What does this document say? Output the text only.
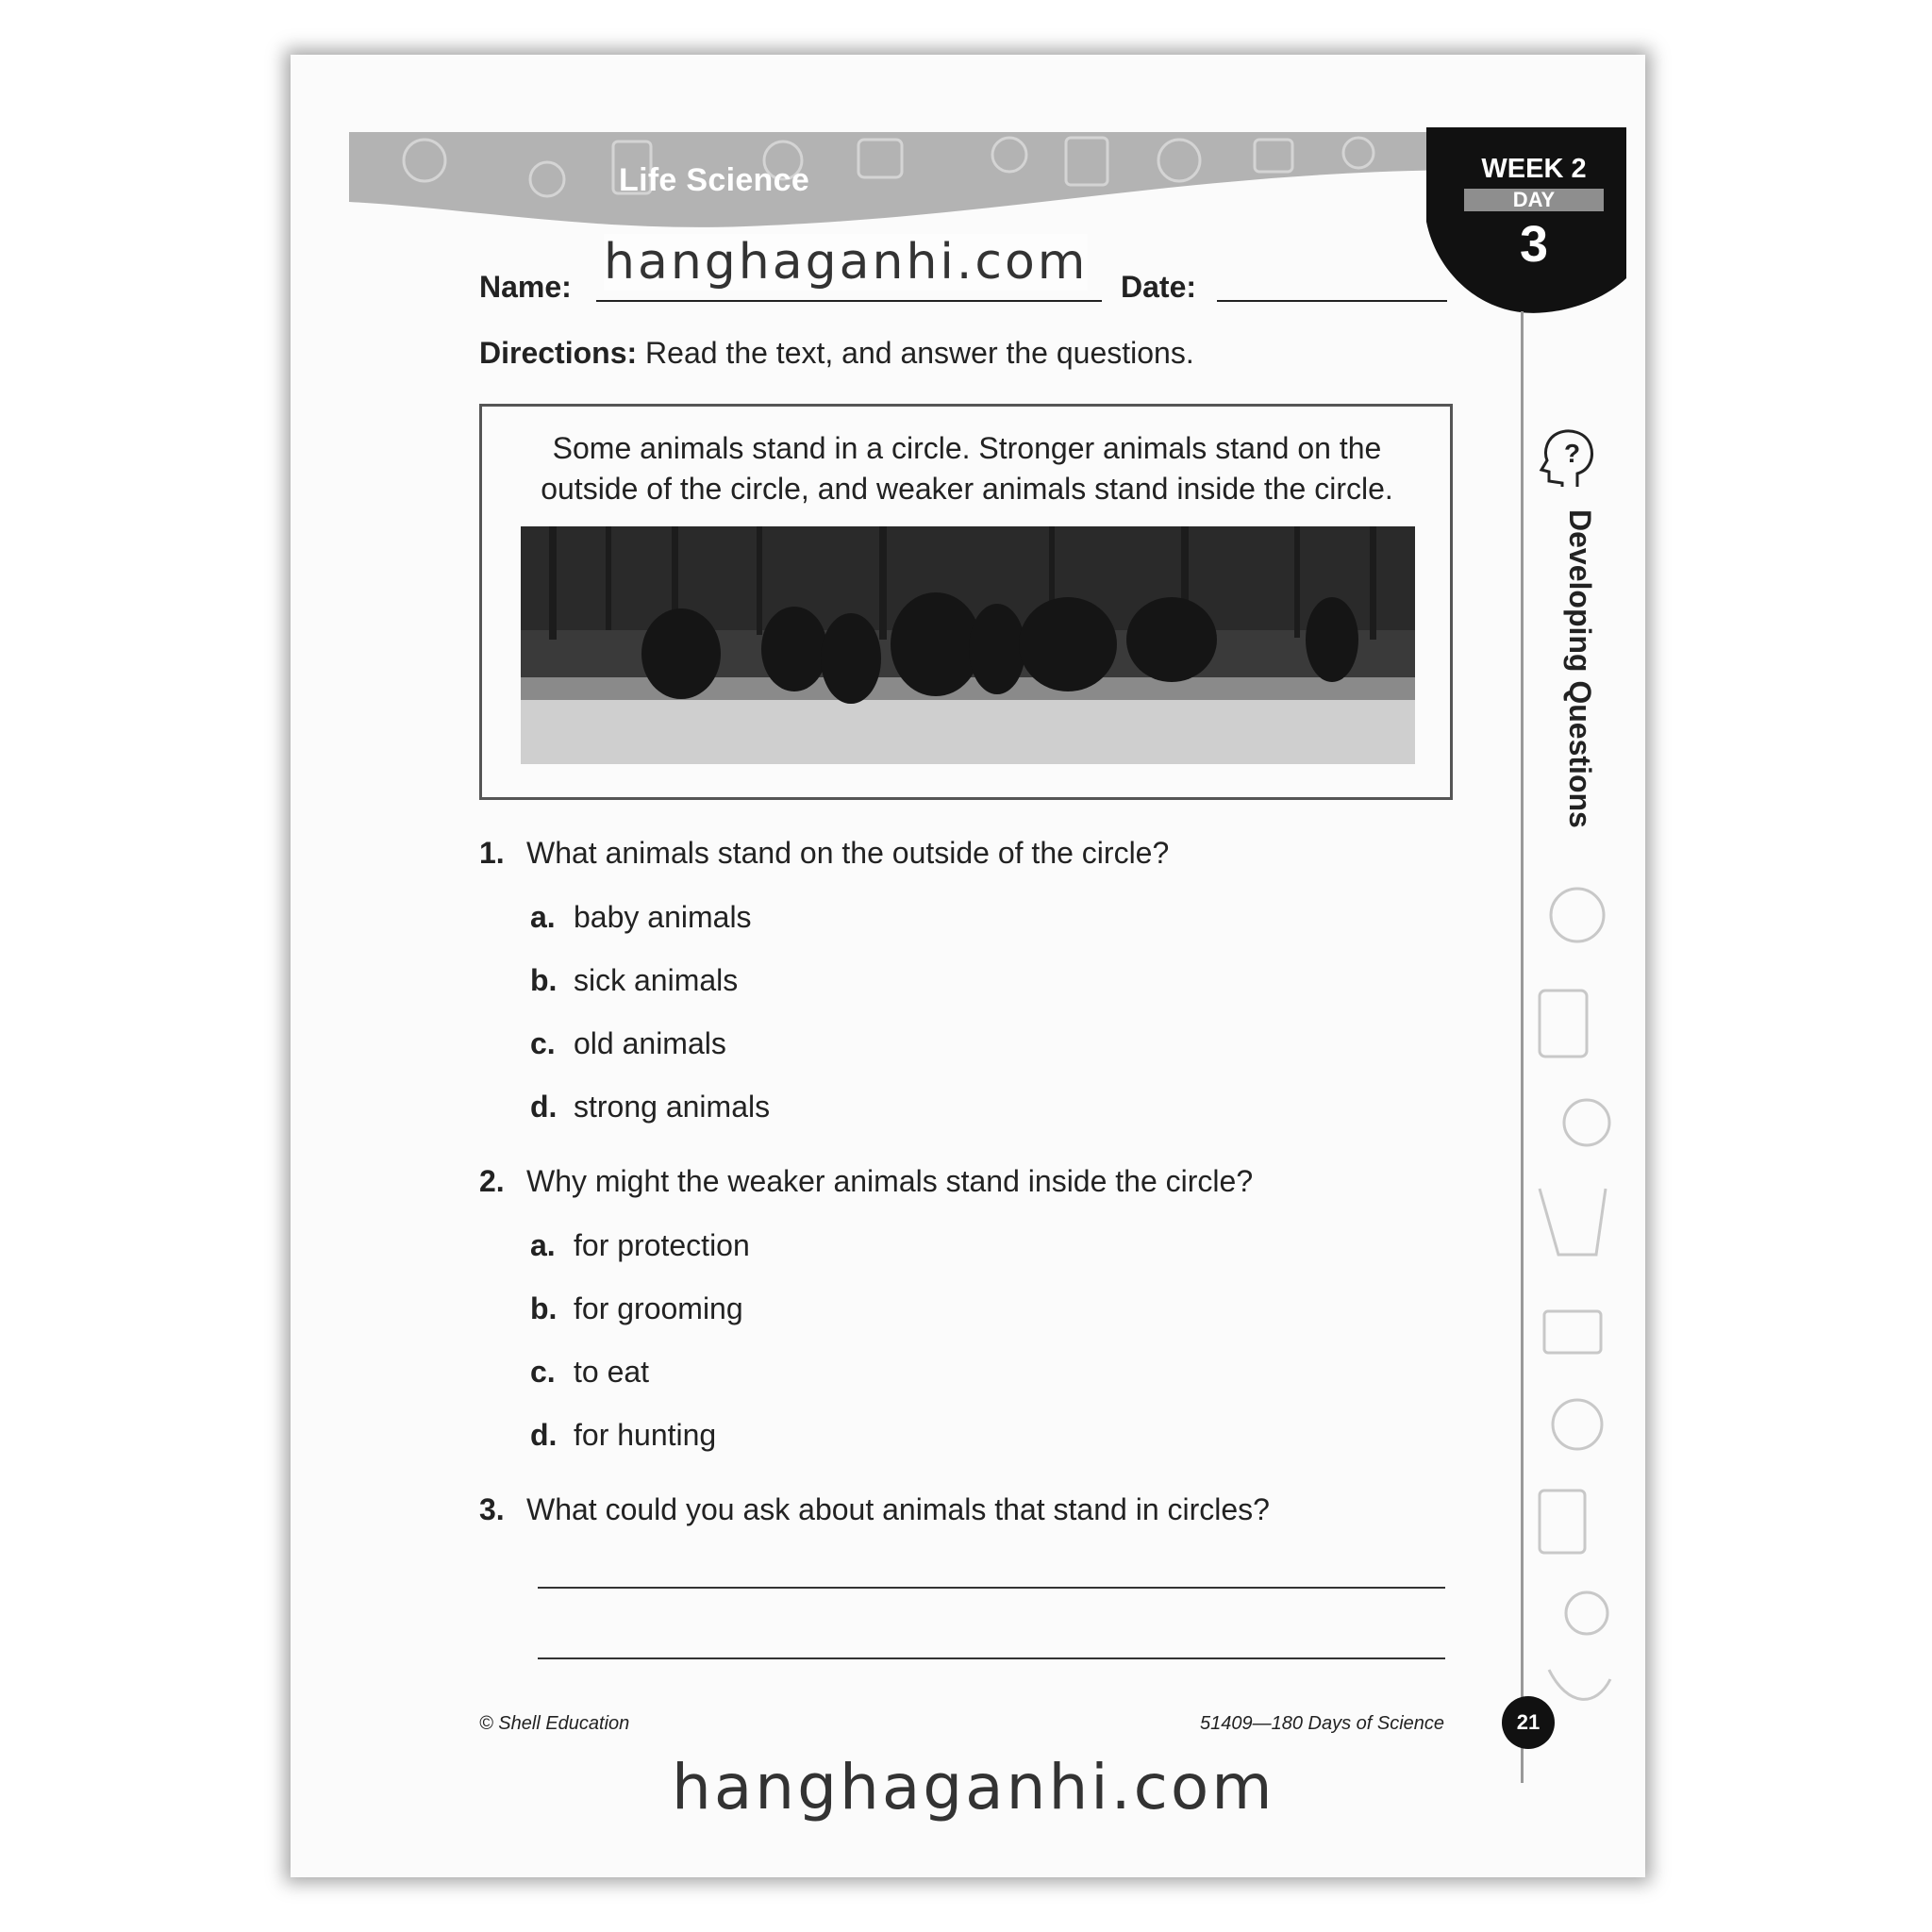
Life Science	WEEK 2
DAY
3
Name:	Date:
Directions: Read the text, and answer the questions.
Some animals stand in a circle. Stronger animals stand on the outside of the circle, and weaker animals stand inside the circle.
1. What animals stand on the outside of the circle?
a. baby animals
b. sick animals
c. old animals
d. strong animals
2. Why might the weaker animals stand inside the circle?
a. for protection
b. for grooming
c. to eat
d. for hunting
3. What could you ask about animals that stand in circles?
?
Developing Questions
© Shell Education	51409—180 Days of Science	21
hanghaganhi.com
hanghaganhi.com
